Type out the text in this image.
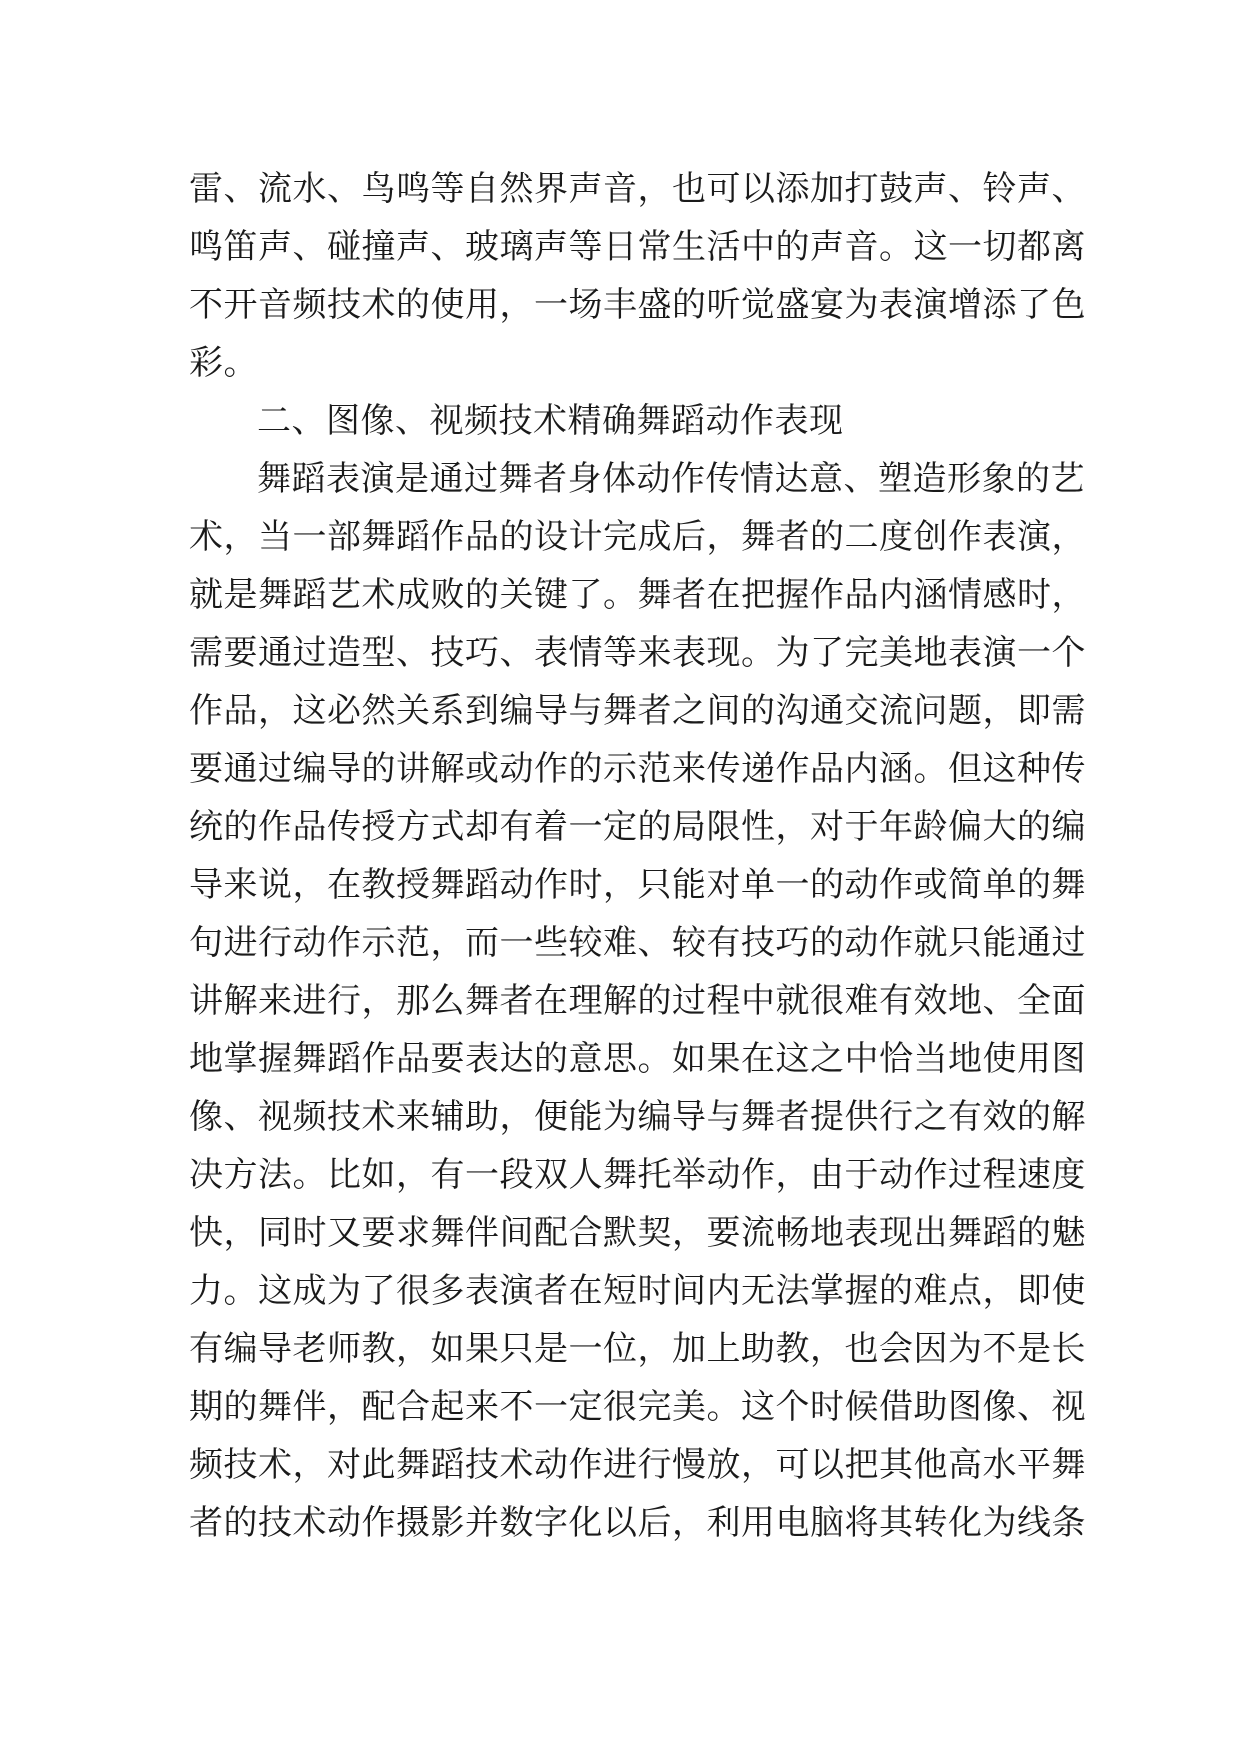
雷、流水、鸟鸣等自然界声音，也可以添加打鼓声、铃声、
鸣笛声、碰撞声、玻璃声等日常生活中的声音。这一切都离
不开音频技术的使用，一场丰盛的听觉盛宴为表演增添了色
彩。
二、图像、视频技术精确舞蹈动作表现
舞蹈表演是通过舞者身体动作传情达意、塑造形象的艺
术，当一部舞蹈作品的设计完成后，舞者的二度创作表演，
就是舞蹈艺术成败的关键了。舞者在把握作品内涵情感时，
需要通过造型、技巧、表情等来表现。为了完美地表演一个
作品，这必然关系到编导与舞者之间的沟通交流问题，即需
要通过编导的讲解或动作的示范来传递作品内涵。但这种传
统的作品传授方式却有着一定的局限性，对于年龄偏大的编
导来说，在教授舞蹈动作时，只能对单一的动作或简单的舞
句进行动作示范，而一些较难、较有技巧的动作就只能通过
讲解来进行，那么舞者在理解的过程中就很难有效地、全面
地掌握舞蹈作品要表达的意思。如果在这之中恰当地使用图
像、视频技术来辅助，便能为编导与舞者提供行之有效的解
决方法。比如，有一段双人舞托举动作，由于动作过程速度
快，同时又要求舞伴间配合默契，要流畅地表现出舞蹈的魅
力。这成为了很多表演者在短时间内无法掌握的难点，即使
有编导老师教，如果只是一位，加上助教，也会因为不是长
期的舞伴，配合起来不一定很完美。这个时候借助图像、视
频技术，对此舞蹈技术动作进行慢放，可以把其他高水平舞
者的技术动作摄影并数字化以后，利用电脑将其转化为线条
